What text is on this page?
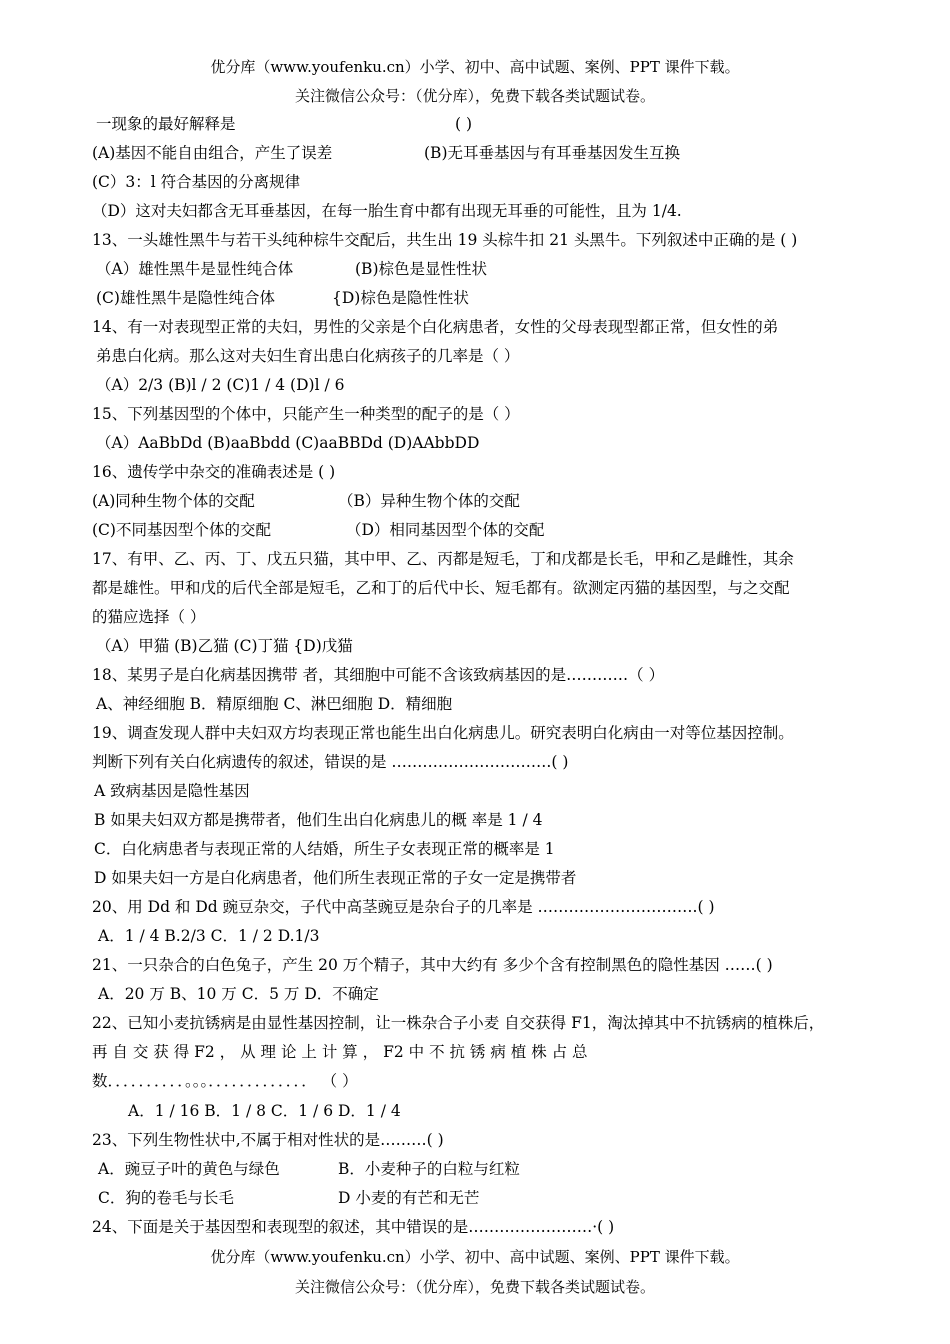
优分库（www.youfenku.cn）小学、初中、高中试题、案例、PPT 课件下载。
关注微信公众号：（优分库），免费下载各类试题试卷。
一现象的最好解释是	( )
(A)基因不能自由组合，产生了误差	(B)无耳垂基因与有耳垂基因发生互换
(C）3：l 符合基因的分离规律
（D）这对夫妇都含无耳垂基因，在每一胎生育中都有出现无耳垂的可能性，且为 1/4.
13、一头雄性黑牛与若干头纯种棕牛交配后，共生出 19 头棕牛扣 21 头黑牛。下列叙述中正确的是 ( )
（A）雄性黑牛是显性纯合体	(B)棕色是显性性状
(C)雄性黑牛是隐性纯合体	{D)棕色是隐性性状
14、有一对表现型正常的夫妇，男性的父亲是个白化病患者，女性的父母表现型都正常，但女性的弟
弟患白化病。那么这对夫妇生育出患白化病孩子的几率是（ ）
（A）2/3 (B)l / 2 (C)1 / 4 (D)l / 6
15、下列基因型的个体中，只能产生一种类型的配子的是（ ）
（A）AaBbDd (B)aaBbdd (C)aaBBDd (D)AAbbDD
16、遗传学中杂交的准确表述是 ( )
(A)同种生物个体的交配	（B）异种生物个体的交配
(C)不同基因型个体的交配	（D）相同基因型个体的交配
17、有甲、乙、丙、丁、戊五只猫，其中甲、乙、丙都是短毛，丁和戊都是长毛，甲和乙是雌性，其余
都是雄性。甲和戊的后代全部是短毛，乙和丁的后代中长、短毛都有。欲测定丙猫的基因型，与之交配
的猫应选择（ ）
（A）甲猫 (B)乙猫 (C)丁猫 {D)戊猫
18、某男子是白化病基因携带 者，其细胞中可能不含该致病基因的是…………（ ）
A、神经细胞 B．精原细胞 C、淋巴细胞 D．精细胞
19、调查发现人群中夫妇双方均表现正常也能生出白化病患儿。研究表明白化病由一对等位基因控制。
判断下列有关白化病遗传的叙述，错误的是 ………………………….( )
A 致病基因是隐性基因
B 如果夫妇双方都是携带者，他们生出白化病患儿的概 率是 1 / 4
C．白化病患者与表现正常的人结婚，所生子女表现正常的概率是 1
D 如果夫妇一方是白化病患者，他们所生表现正常的子女一定是携带者
20、用 Dd 和 Dd 豌豆杂交，子代中高茎豌豆是杂台子的几率是 ………………………….( )
A．1 / 4 B.2/3 C．1 / 2 D.1/3
21、一只杂合的白色兔子，产生 20 万个精子，其中大约有 多少个含有控制黑色的隐性基因 ……( )
A．20 万 B、10 万 C．5 万 D．不确定
22、已知小麦抗锈病是由显性基因控制，让一株杂合子小麦 自交获得 F1，淘汰掉其中不抗锈病的植株后，
再 自 交 获 得 F2 ， 从 理 论 上 计 算 ， F2 中 不 抗 锈 病 植 株 占 总
数．．．．．．．．．．。。。．．．．．．．．．．．．． （ ）
A．1 / 16 B．1 / 8 C．1 / 6 D．1 / 4
23、下列生物性状中,不属于相对性状的是………( )
A．豌豆子叶的黄色与绿色	B．小麦种子的白粒与红粒
C．狗的卷毛与长毛	D 小麦的有芒和无芒
24、下面是关于基因型和表现型的叙述，其中错误的是……………………·( )
优分库（www.youfenku.cn）小学、初中、高中试题、案例、PPT 课件下载。
关注微信公众号：（优分库），免费下载各类试题试卷。
